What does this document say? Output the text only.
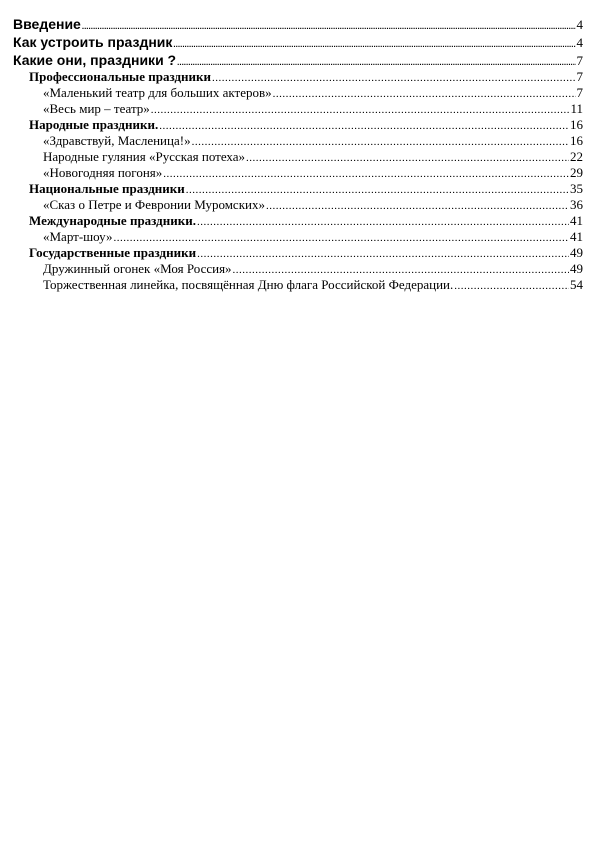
Введение .....	4
Как устроить праздник .....	4
Какие они, праздники ? .....	7
Профессиональные праздники .....	7
«Маленький театр для больших актеров» .....	7
«Весь мир – театр» .....	11
Народные праздники. .....	16
«Здравствуй, Масленица!» .....	16
Народные гуляния «Русская потеха» .....	22
«Новогодняя погоня» .....	29
Национальные праздники .....	35
«Сказ о Петре и Февронии Муромских» .....	36
Международные праздники. .....	41
«Март-шоу» .....	41
Государственные праздники .....	49
Дружинный огонек «Моя Россия» .....	49
Торжественная линейка, посвящённая Дню флага Российской Федерации. .....	54
